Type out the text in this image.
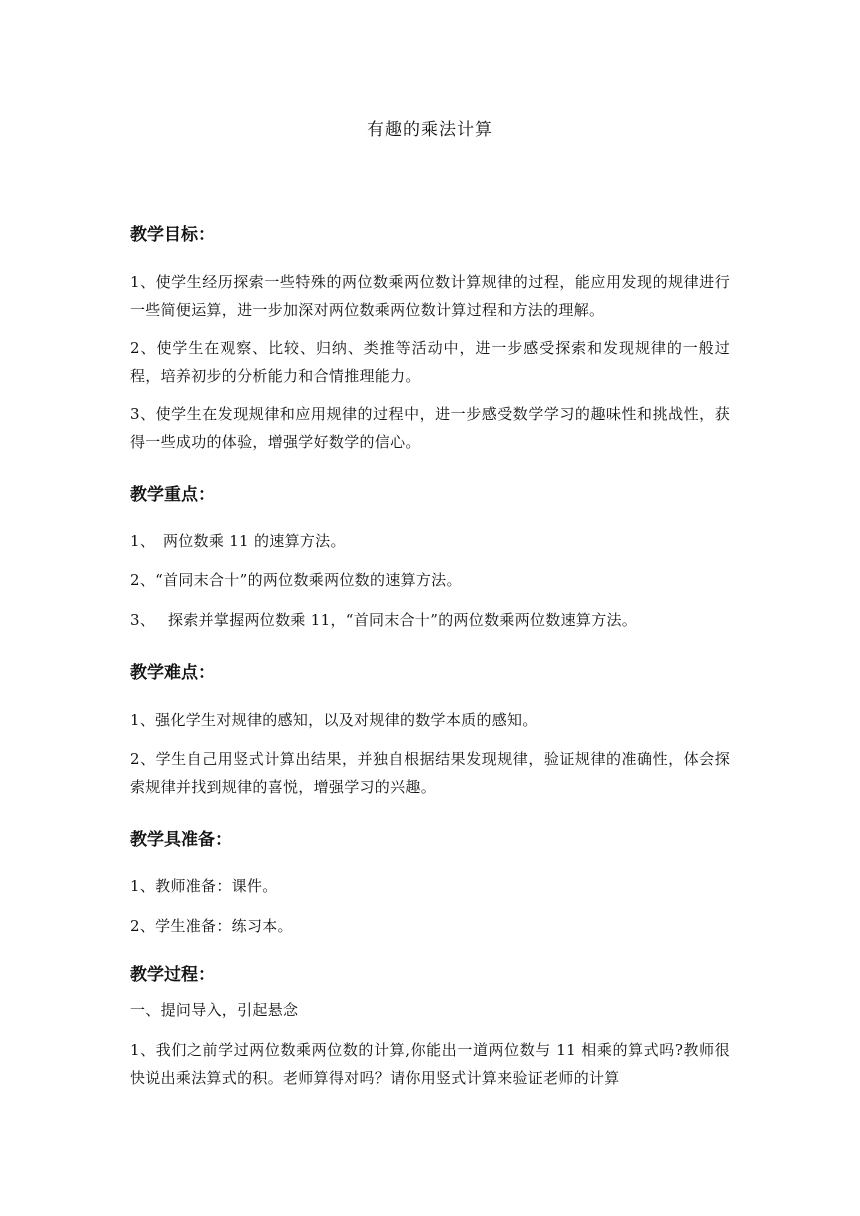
有趣的乘法计算
教学目标：
1、使学生经历探索一些特殊的两位数乘两位数计算规律的过程，能应用发现的规律进行一些简便运算，进一步加深对两位数乘两位数计算过程和方法的理解。
2、使学生在观察、比较、归纳、类推等活动中，进一步感受探索和发现规律的一般过程，培养初步的分析能力和合情推理能力。
3、使学生在发现规律和应用规律的过程中，进一步感受数学学习的趣味性和挑战性，获得一些成功的体验，增强学好数学的信心。
教学重点：
1、　两位数乘 11 的速算方法。
2、“首同末合十”的两位数乘两位数的速算方法。
3、　 探索并掌握两位数乘 11，“首同末合十”的两位数乘两位数速算方法。
教学难点：
1、强化学生对规律的感知，以及对规律的数学本质的感知。
2、学生自己用竖式计算出结果，并独自根据结果发现规律，验证规律的准确性，体会探索规律并找到规律的喜悦，增强学习的兴趣。
教学具准备：
1、教师准备：课件。
2、学生准备：练习本。
教学过程：
一、提问导入，引起悬念
1、我们之前学过两位数乘两位数的计算,你能出一道两位数与 11 相乘的算式吗?教师很快说出乘法算式的积。老师算得对吗？请你用竖式计算来验证老师的计算
